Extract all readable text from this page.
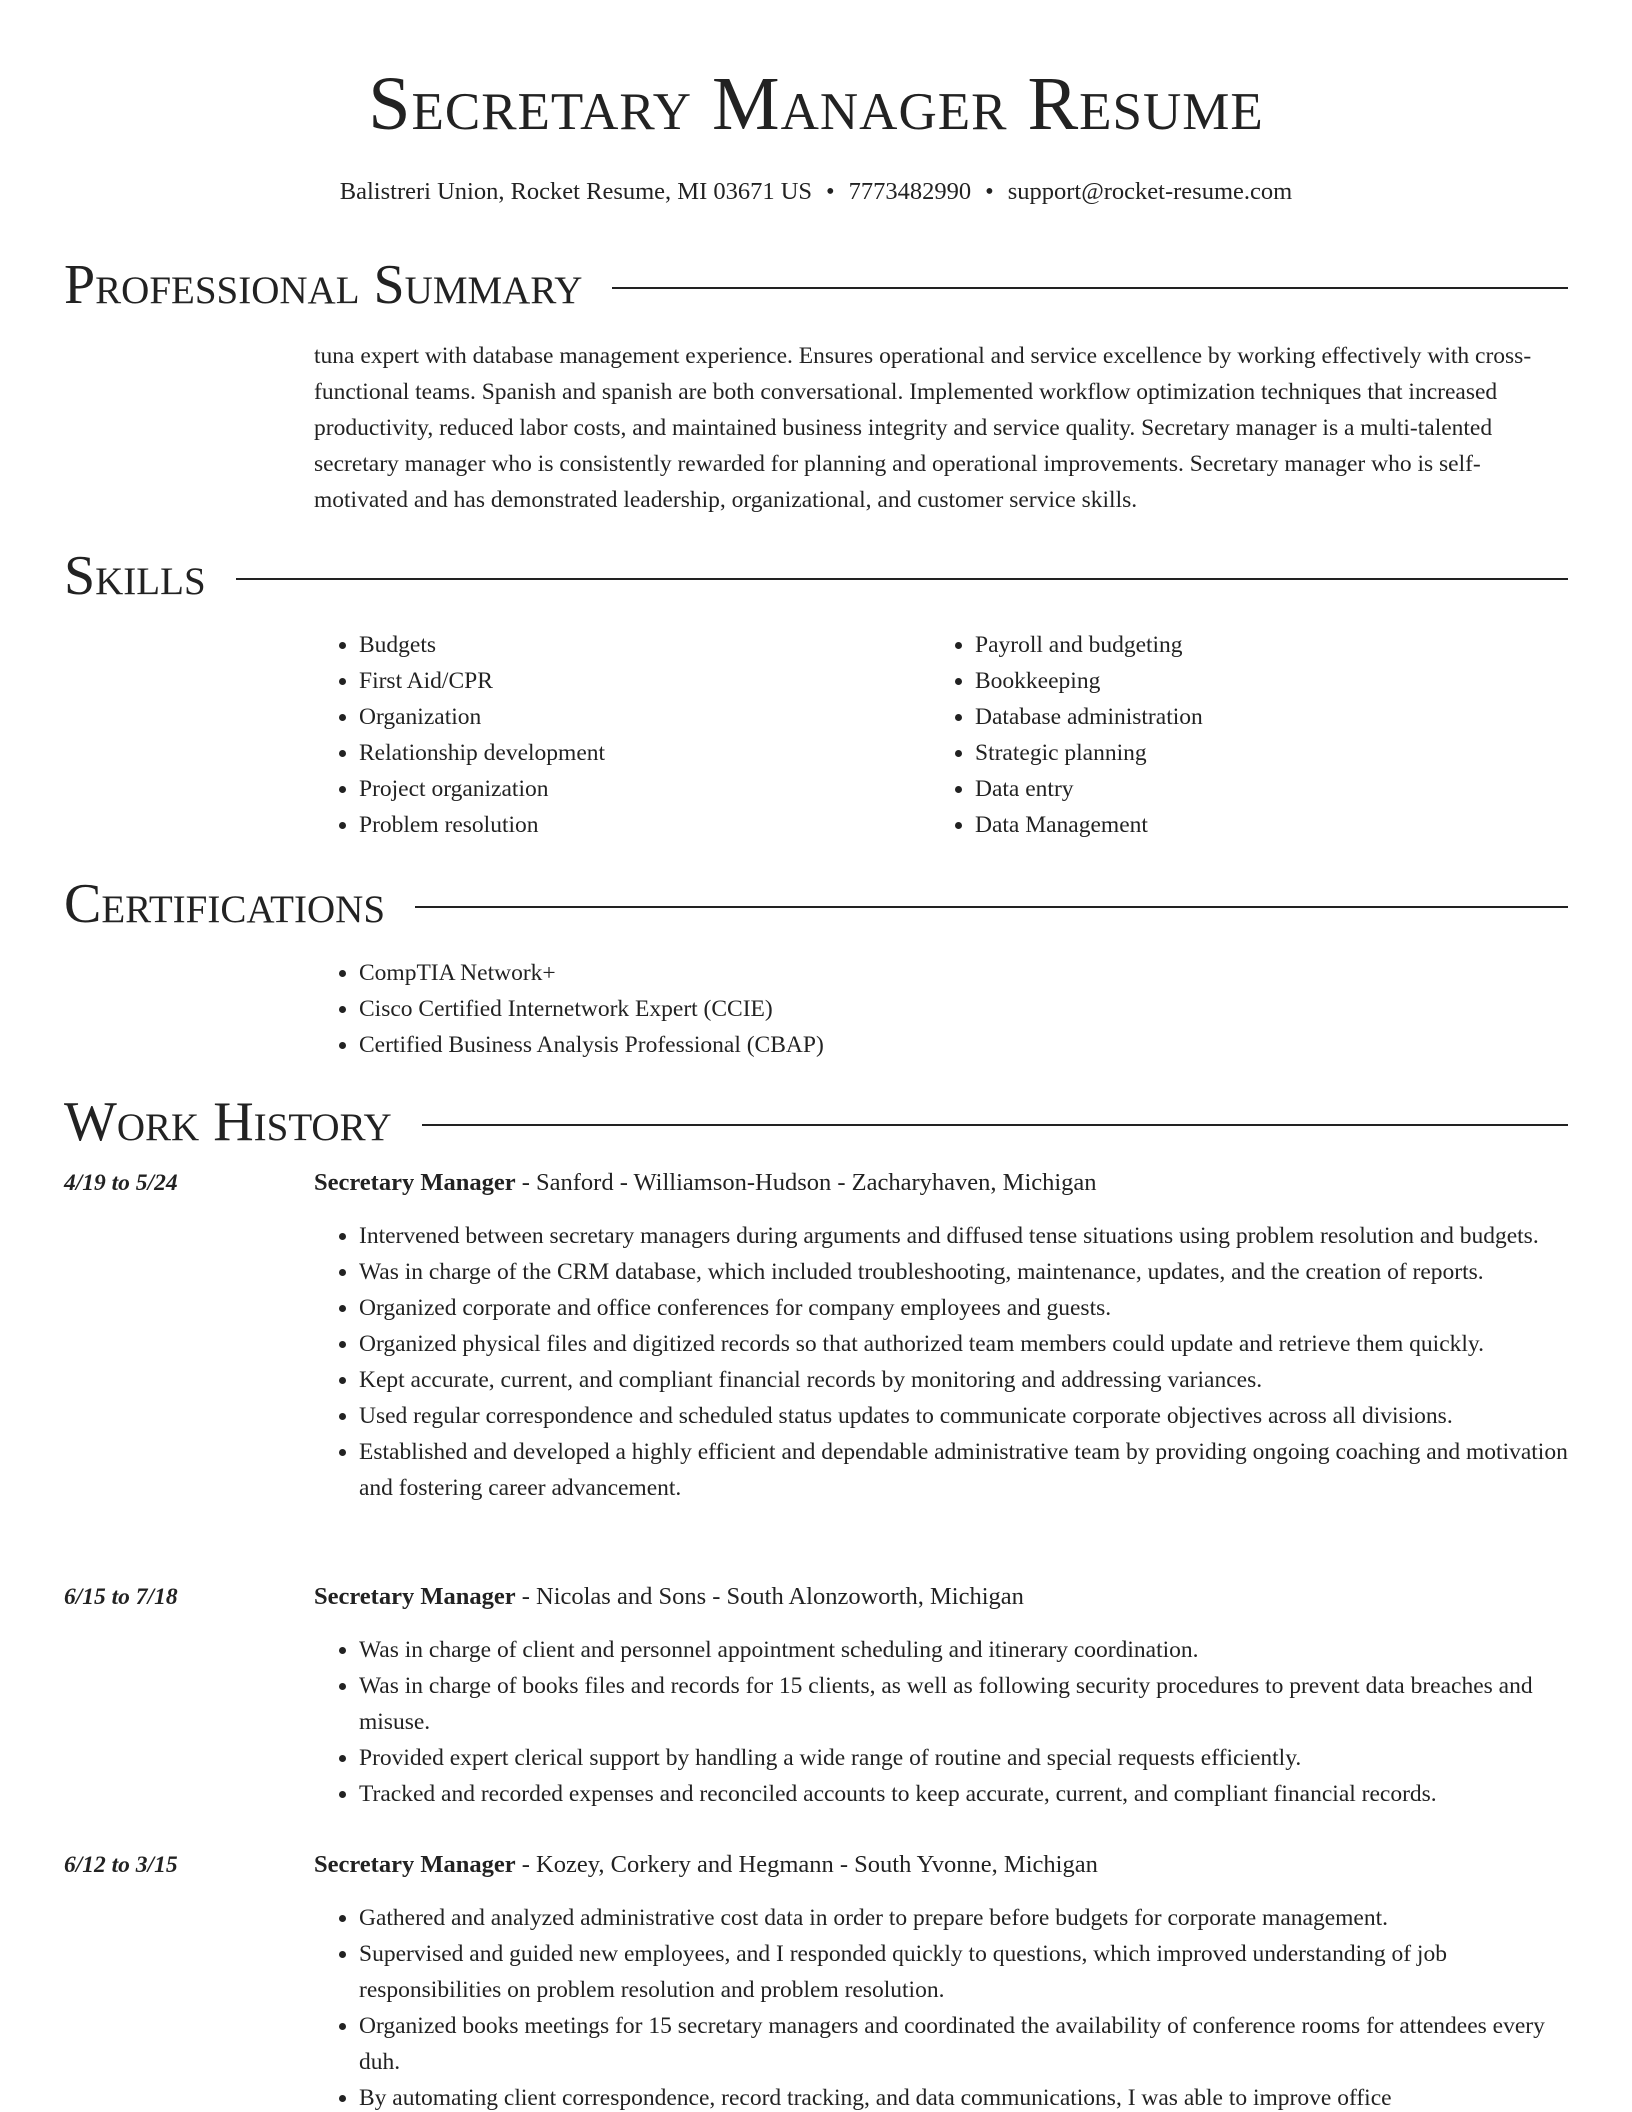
Secretary Manager Resume
Balistreri Union, Rocket Resume, MI 03671 US • 7773482990 • support@rocket-resume.com
Professional Summary

tuna expert with database management experience. Ensures operational and service excellence by working effectively with cross-functional teams. Spanish and spanish are both conversational. Implemented workflow optimization techniques that increased productivity, reduced labor costs, and maintained business integrity and service quality. Secretary manager is a multi-talented secretary manager who is consistently rewarded for planning and operational improvements. Secretary manager who is self-motivated and has demonstrated leadership, organizational, and customer service skills.

Skills
• Budgets
• First Aid/CPR
• Organization
• Relationship development
• Project organization
• Problem resolution
• Payroll and budgeting
• Bookkeeping
• Database administration
• Strategic planning
• Data entry
• Data Management
Certifications
• CompTIA Network+
• Cisco Certified Internetwork Expert (CCIE)
• Certified Business Analysis Professional (CBAP)
Work History
4/19 to 5/24	Secretary Manager - Sanford - Williamson-Hudson - Zacharyhaven, Michigan
• Intervened between secretary managers during arguments and diffused tense situations using problem resolution and budgets.
• Was in charge of the CRM database, which included troubleshooting, maintenance, updates, and the creation of reports.
• Organized corporate and office conferences for company employees and guests.
• Organized physical files and digitized records so that authorized team members could update and retrieve them quickly.
• Kept accurate, current, and compliant financial records by monitoring and addressing variances.
• Used regular correspondence and scheduled status updates to communicate corporate objectives across all divisions.
• Established and developed a highly efficient and dependable administrative team by providing ongoing coaching and motivation and fostering career advancement.
6/15 to 7/18	Secretary Manager - Nicolas and Sons - South Alonzoworth, Michigan
• Was in charge of client and personnel appointment scheduling and itinerary coordination.
• Was in charge of books files and records for 15 clients, as well as following security procedures to prevent data breaches and misuse.
• Provided expert clerical support by handling a wide range of routine and special requests efficiently.
• Tracked and recorded expenses and reconciled accounts to keep accurate, current, and compliant financial records.
6/12 to 3/15	Secretary Manager - Kozey, Corkery and Hegmann - South Yvonne, Michigan
• Gathered and analyzed administrative cost data in order to prepare before budgets for corporate management.
• Supervised and guided new employees, and I responded quickly to questions, which improved understanding of job responsibilities on problem resolution and problem resolution.
• Organized books meetings for 15 secretary managers and coordinated the availability of conference rooms for attendees every duh.
• By automating client correspondence, record tracking, and data communications, I was able to improve office
